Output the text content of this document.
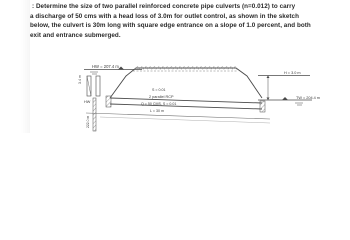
: Determine the size of two parallel reinforced concrete pipe culverts (n=0.012) to carry
a discharge of 50 cms with a head loss of 3.0m for outlet control, as shown in the sketch
below, the culvert is 30m long with square edge entrance on a slope of 1.0 percent, and both
exit and entrance submerged.
HW = 207.4 m
3.4 m
222.0 m
HW
S = 0.01
2 parallel RCP
Q = 50 CMS, S = 0.01
L = 30 m
H = 3.0 m
TW = 204.4 m
